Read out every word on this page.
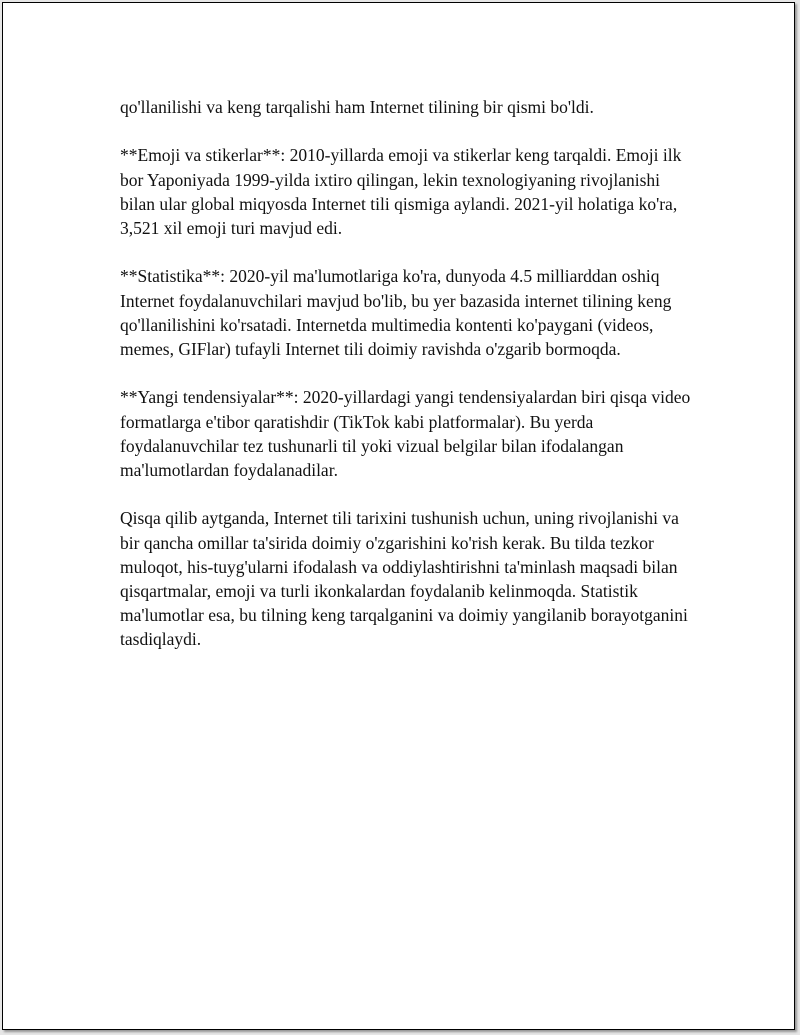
qo'llanilishi va keng tarqalishi ham Internet tilining bir qismi bo'ldi.

**Emoji va stikerlar**: 2010-yillarda emoji va stikerlar keng tarqaldi. Emoji ilk bor Yaponiyada 1999-yilda ixtiro qilingan, lekin texnologiyaning rivojlanishi bilan ular global miqyosda Internet tili qismiga aylandi. 2021-yil holatiga ko'ra, 3,521 xil emoji turi mavjud edi.

**Statistika**: 2020-yil ma'lumotlariga ko'ra, dunyoda 4.5 milliarddan oshiq Internet foydalanuvchilari mavjud bo'lib, bu yer bazasida internet tilining keng qo'llanilishini ko'rsatadi. Internetda multimedia kontenti ko'paygani (videos, memes, GIFlar) tufayli Internet tili doimiy ravishda o'zgarib bormoqda.

**Yangi tendensiyalar**: 2020-yillardagi yangi tendensiyalardan biri qisqa video formatlarga e'tibor qaratishdir (TikTok kabi platformalar). Bu yerda foydalanuvchilar tez tushunarli til yoki vizual belgilar bilan ifodalangan ma'lumotlardan foydalanadilar.

Qisqa qilib aytganda, Internet tili tarixini tushunish uchun, uning rivojlanishi va bir qancha omillar ta'sirida doimiy o'zgarishini ko'rish kerak. Bu tilda tezkor muloqot, his-tuyg'ularni ifodalash va oddiylashtirishni ta'minlash maqsadi bilan qisqartmalar, emoji va turli ikonkalardan foydalanib kelinmoqda. Statistik ma'lumotlar esa, bu tilning keng tarqalganini va doimiy yangilanib borayotganini tasdiqlaydi.
